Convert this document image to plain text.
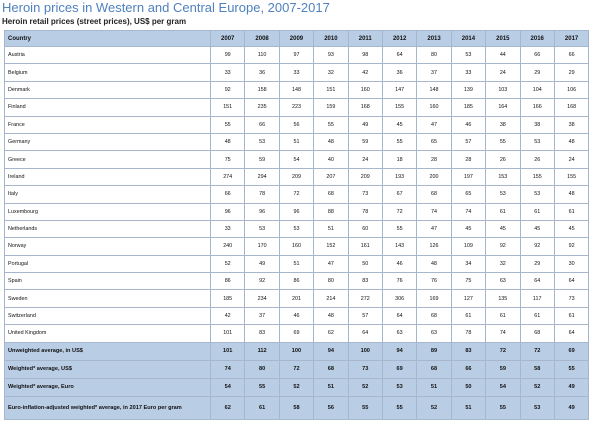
Heroin prices in Western and Central Europe, 2007-2017
Heroin retail prices (street prices), US$ per gram
Country	2007	2008	2009	2010	2011	2012	2013	2014	2015	2016	2017
Austria	99	110	97	93	98	64	80	53	44	66	66
Belgium	33	36	33	32	42	36	37	33	24	29	29
Denmark	92	158	148	151	160	147	148	139	103	104	106
Finland	151	235	223	159	168	155	160	185	164	166	168
France	55	66	56	55	49	45	47	46	38	38	38
Germany	48	53	51	48	59	55	65	57	55	53	48
Greece	75	59	54	40	24	18	28	28	26	26	24
Ireland	274	294	209	207	209	193	200	197	153	155	155
Italy	66	78	72	68	73	67	68	65	53	53	48
Luxembourg	96	96	96	88	78	72	74	74	61	61	61
Netherlands	33	53	53	51	60	55	47	45	45	45	45
Norway	240	170	160	152	161	143	126	109	92	92	92
Portugal	52	49	51	47	50	46	48	34	32	29	30
Spain	86	92	86	80	83	76	76	75	63	64	64
Sweden	185	234	201	214	272	306	169	127	135	117	73
Switzerland	42	37	46	48	57	64	68	61	61	61	61
United Kingdom	101	83	69	62	64	63	63	78	74	68	64
Unweighted average, in US$	101	112	100	94	100	94	89	83	72	72	69
Weighted* average, US$	74	80	72	68	73	69	68	66	59	58	55
Weighted* average, Euro	54	55	52	51	52	53	51	50	54	52	49
Euro-inflation-adjusted weighted* average, in 2017 Euro per gram	62	61	58	56	55	55	52	51	55	53	49
